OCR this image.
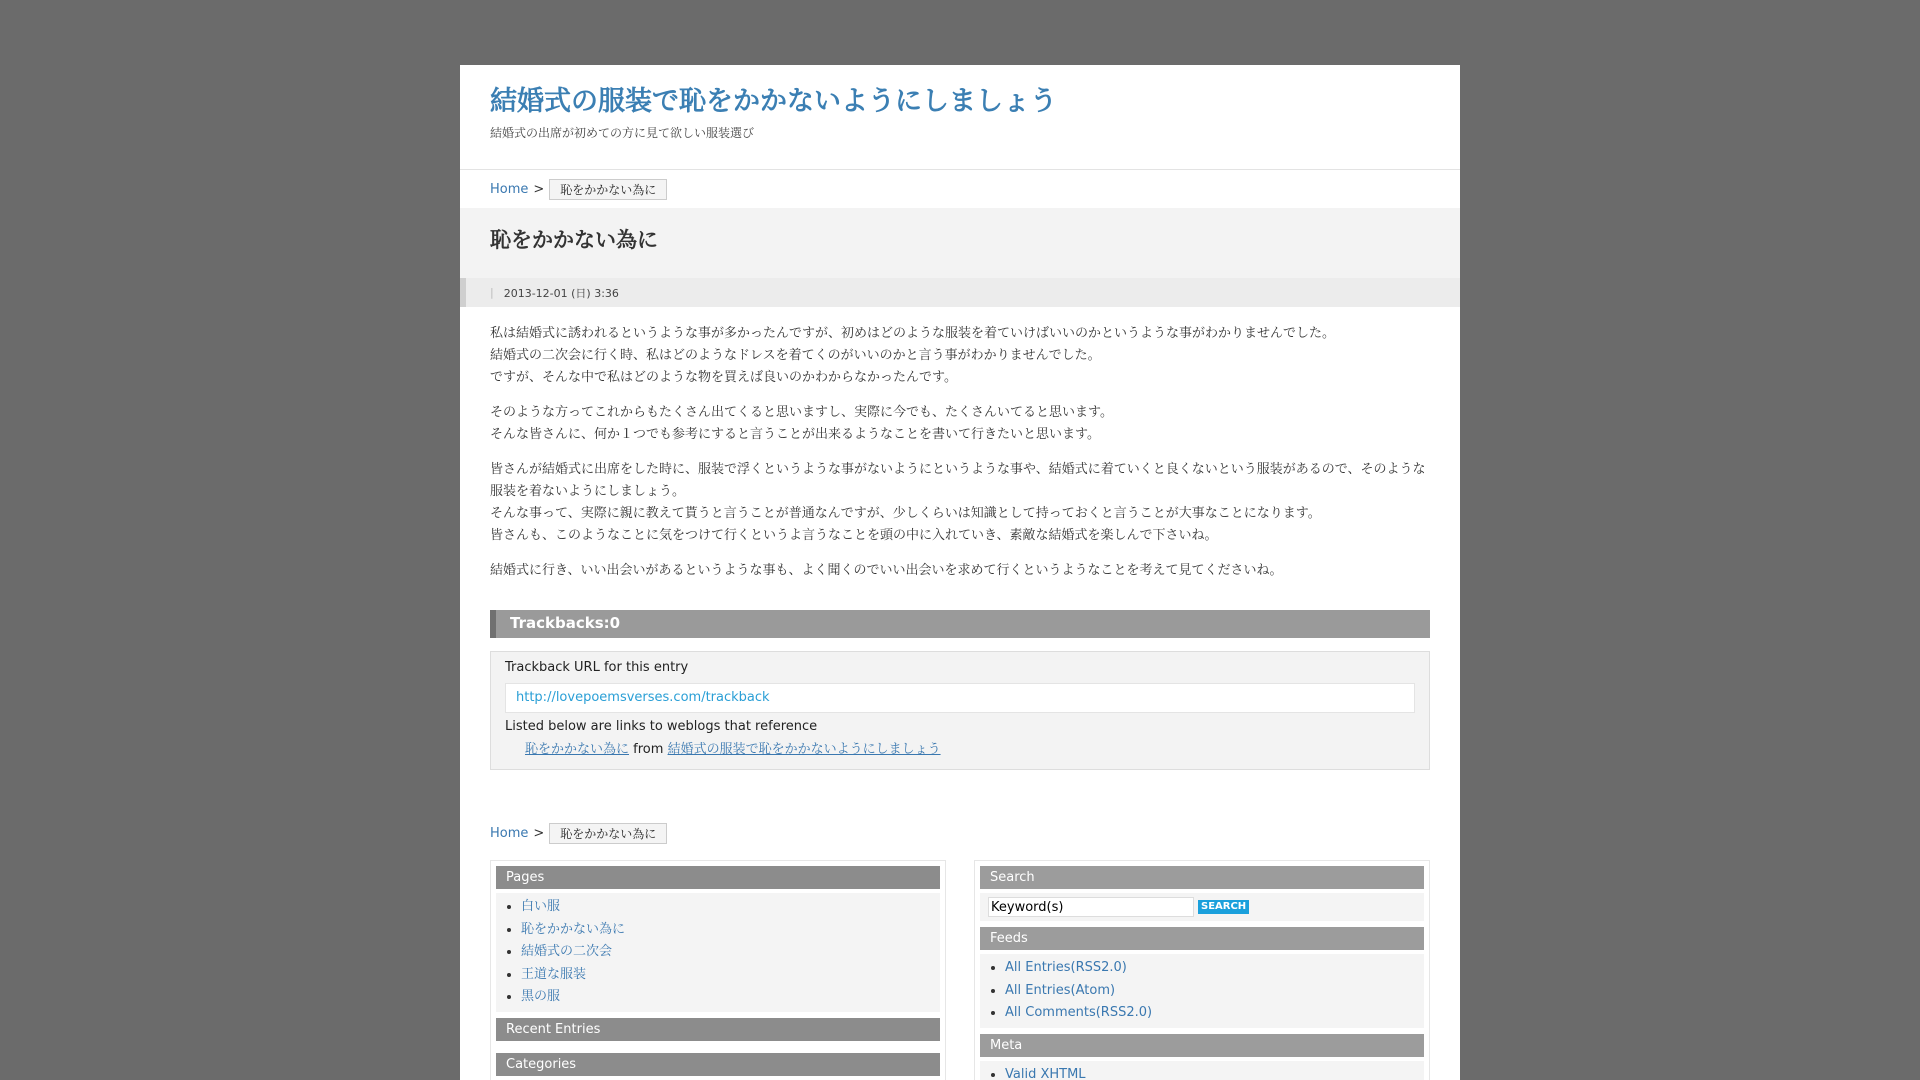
結婚式の服装で恥をかかないようにしましょう
結婚式の出席が初めての方に見て欲しい服装選び
Home >	恥をかかない為に
恥をかかない為に
| 2013-12-01 (日) 3:36

私は結婚式に誘われるというような事が多かったんですが、初めはどのような服装を着ていけばいいのかというような事がわかりませんでした。
結婚式の二次会に行く時、私はどのようなドレスを着てくのがいいのかと言う事がわかりませんでした。
ですが、そんな中で私はどのような物を買えば良いのかわからなかったんです。

そのような方ってこれからもたくさん出てくると思いますし、実際に今でも、たくさんいてると思います。
そんな皆さんに、何か１つでも参考にすると言うことが出来るようなことを書いて行きたいと思います。

皆さんが結婚式に出席をした時に、服装で浮くというような事がないようにというような事や、結婚式に着ていくと良くないという服装があるので、そのような服装を着ないようにしましょう。
そんな事って、実際に親に教えて貰うと言うことが普通なんですが、少しくらいは知識として持っておくと言うことが大事なことになります。
皆さんも、このようなことに気をつけて行くというよ言うなことを頭の中に入れていき、素敵な結婚式を楽しんで下さいね。

結婚式に行き、いい出会いがあるというような事も、よく聞くのでいい出会いを求めて行くというようなことを考えて見てくださいね。

Trackbacks:0
Trackback URL for this entry
http://lovepoemsverses.com/trackback
Listed below are links to weblogs that reference
恥をかかない為に from 結婚式の服装で恥をかかないようにしましょう
Home >	恥をかかない為に
Pages
• 白い服
• 恥をかかない為に
• 結婚式の二次会
• 王道な服装
• 黒の服
Recent Entries
Categories
Search
Keyword(s)
SEARCH
Feeds
• All Entries(RSS2.0)
• All Entries(Atom)
• All Comments(RSS2.0)
Meta
• Valid XHTML
